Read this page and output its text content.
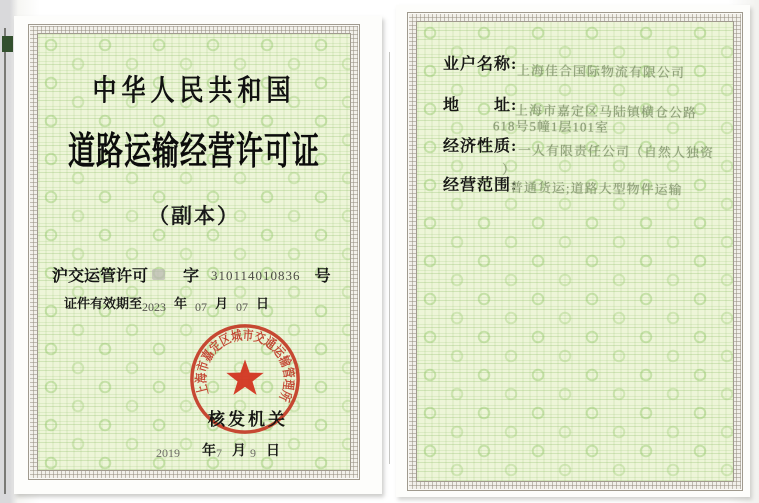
中华人民共和国
道路运输经营许可证
（副本）
沪交运管许可 字 310114010836 号
证件有效期至2023 年 07 月 07 日
上海市嘉定区城市交通运输管理所
核发机关
2019 年7 月 9 日
业户名称: 上海佳合国际物流有限公司
地　　址:
上海市嘉定区马陆镇横仓公路
618号5幢1层101室
经济性质: 一人有限责任公司（自然人独资
）
经营范围:
普通货运;道路大型物件运输
